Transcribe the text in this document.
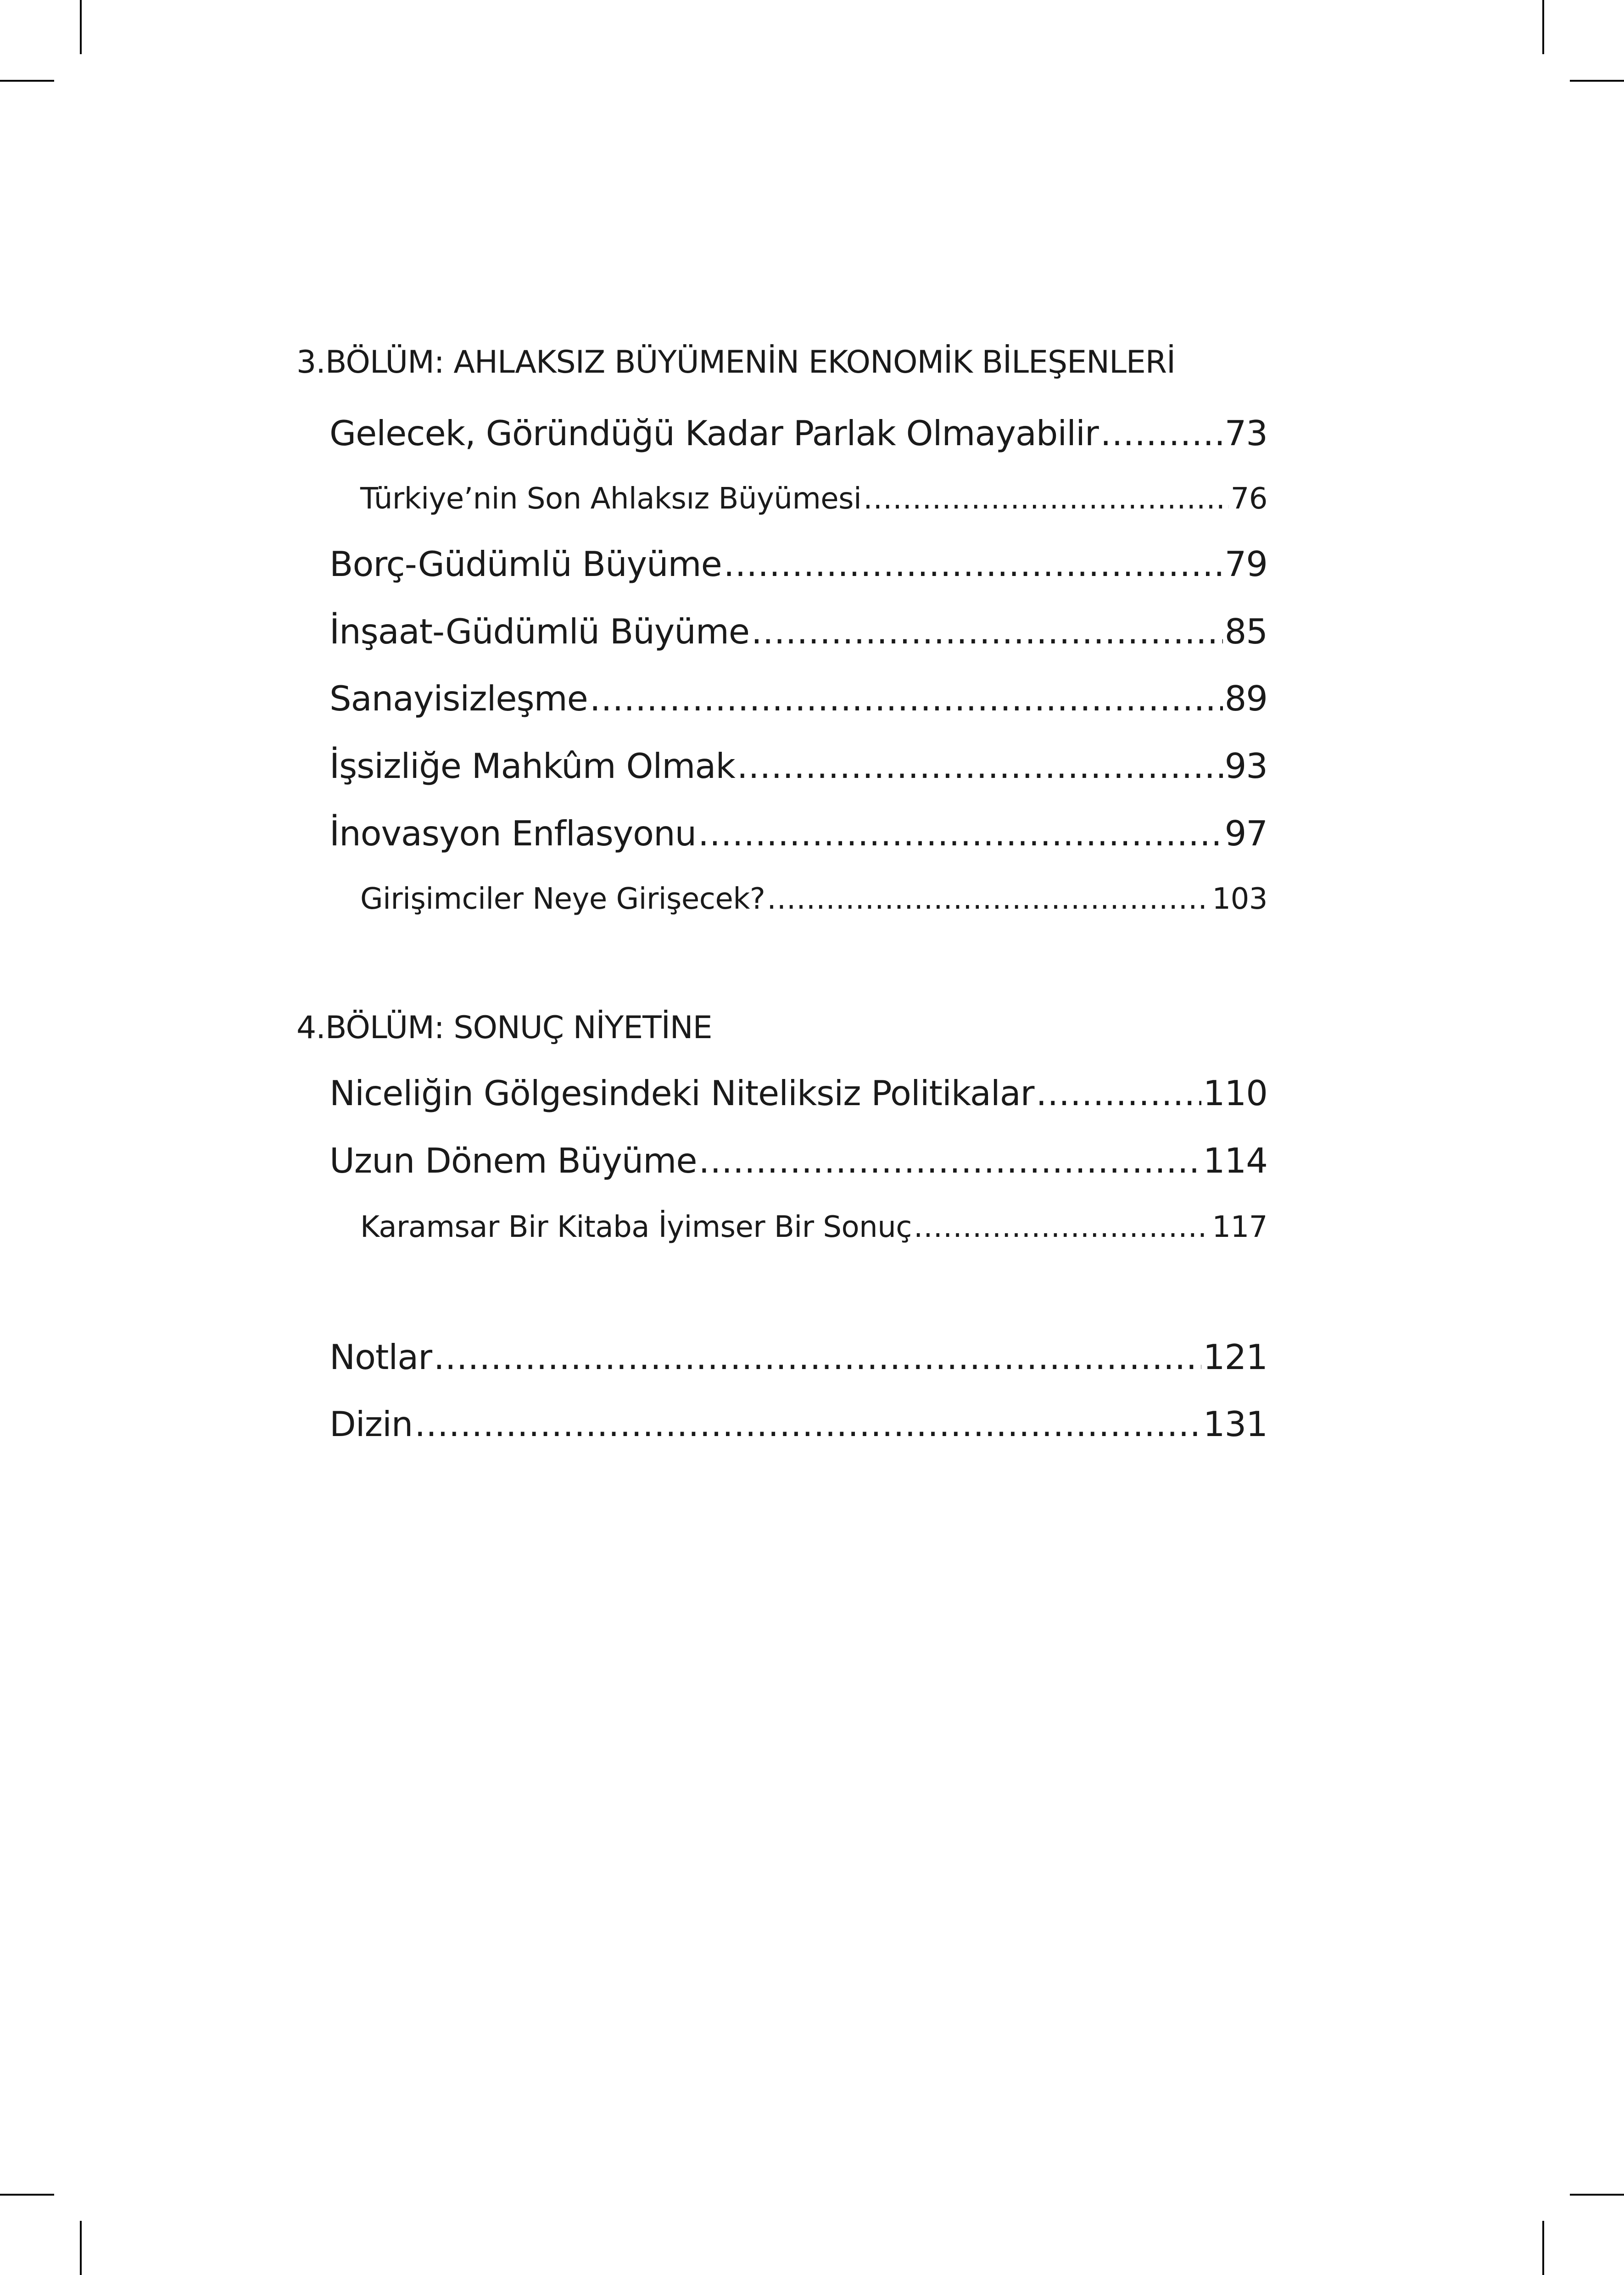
3.BÖLÜM: AHLAKSIZ BÜYÜMENİN EKONOMİK BİLEŞENLERİ
Gelecek, Göründüğü Kadar Parlak Olmayabilir .....	73
Türkiye’nin Son Ahlaksız Büyümesi .....	76
Borç-Güdümlü Büyüme .....	79
İnşaat-Güdümlü Büyüme .....	85
Sanayisizleşme .....	89
İşsizliğe Mahkûm Olmak .....	93
İnovasyon Enflasyonu .....	97
Girişimciler Neye Girişecek? .....	103
4.BÖLÜM: SONUÇ NİYETİNE
Niceliğin Gölgesindeki Niteliksiz Politikalar .....	110
Uzun Dönem Büyüme .....	114
Karamsar Bir Kitaba İyimser Bir Sonuç .....	117
Notlar .....	121
Dizin .....	131
